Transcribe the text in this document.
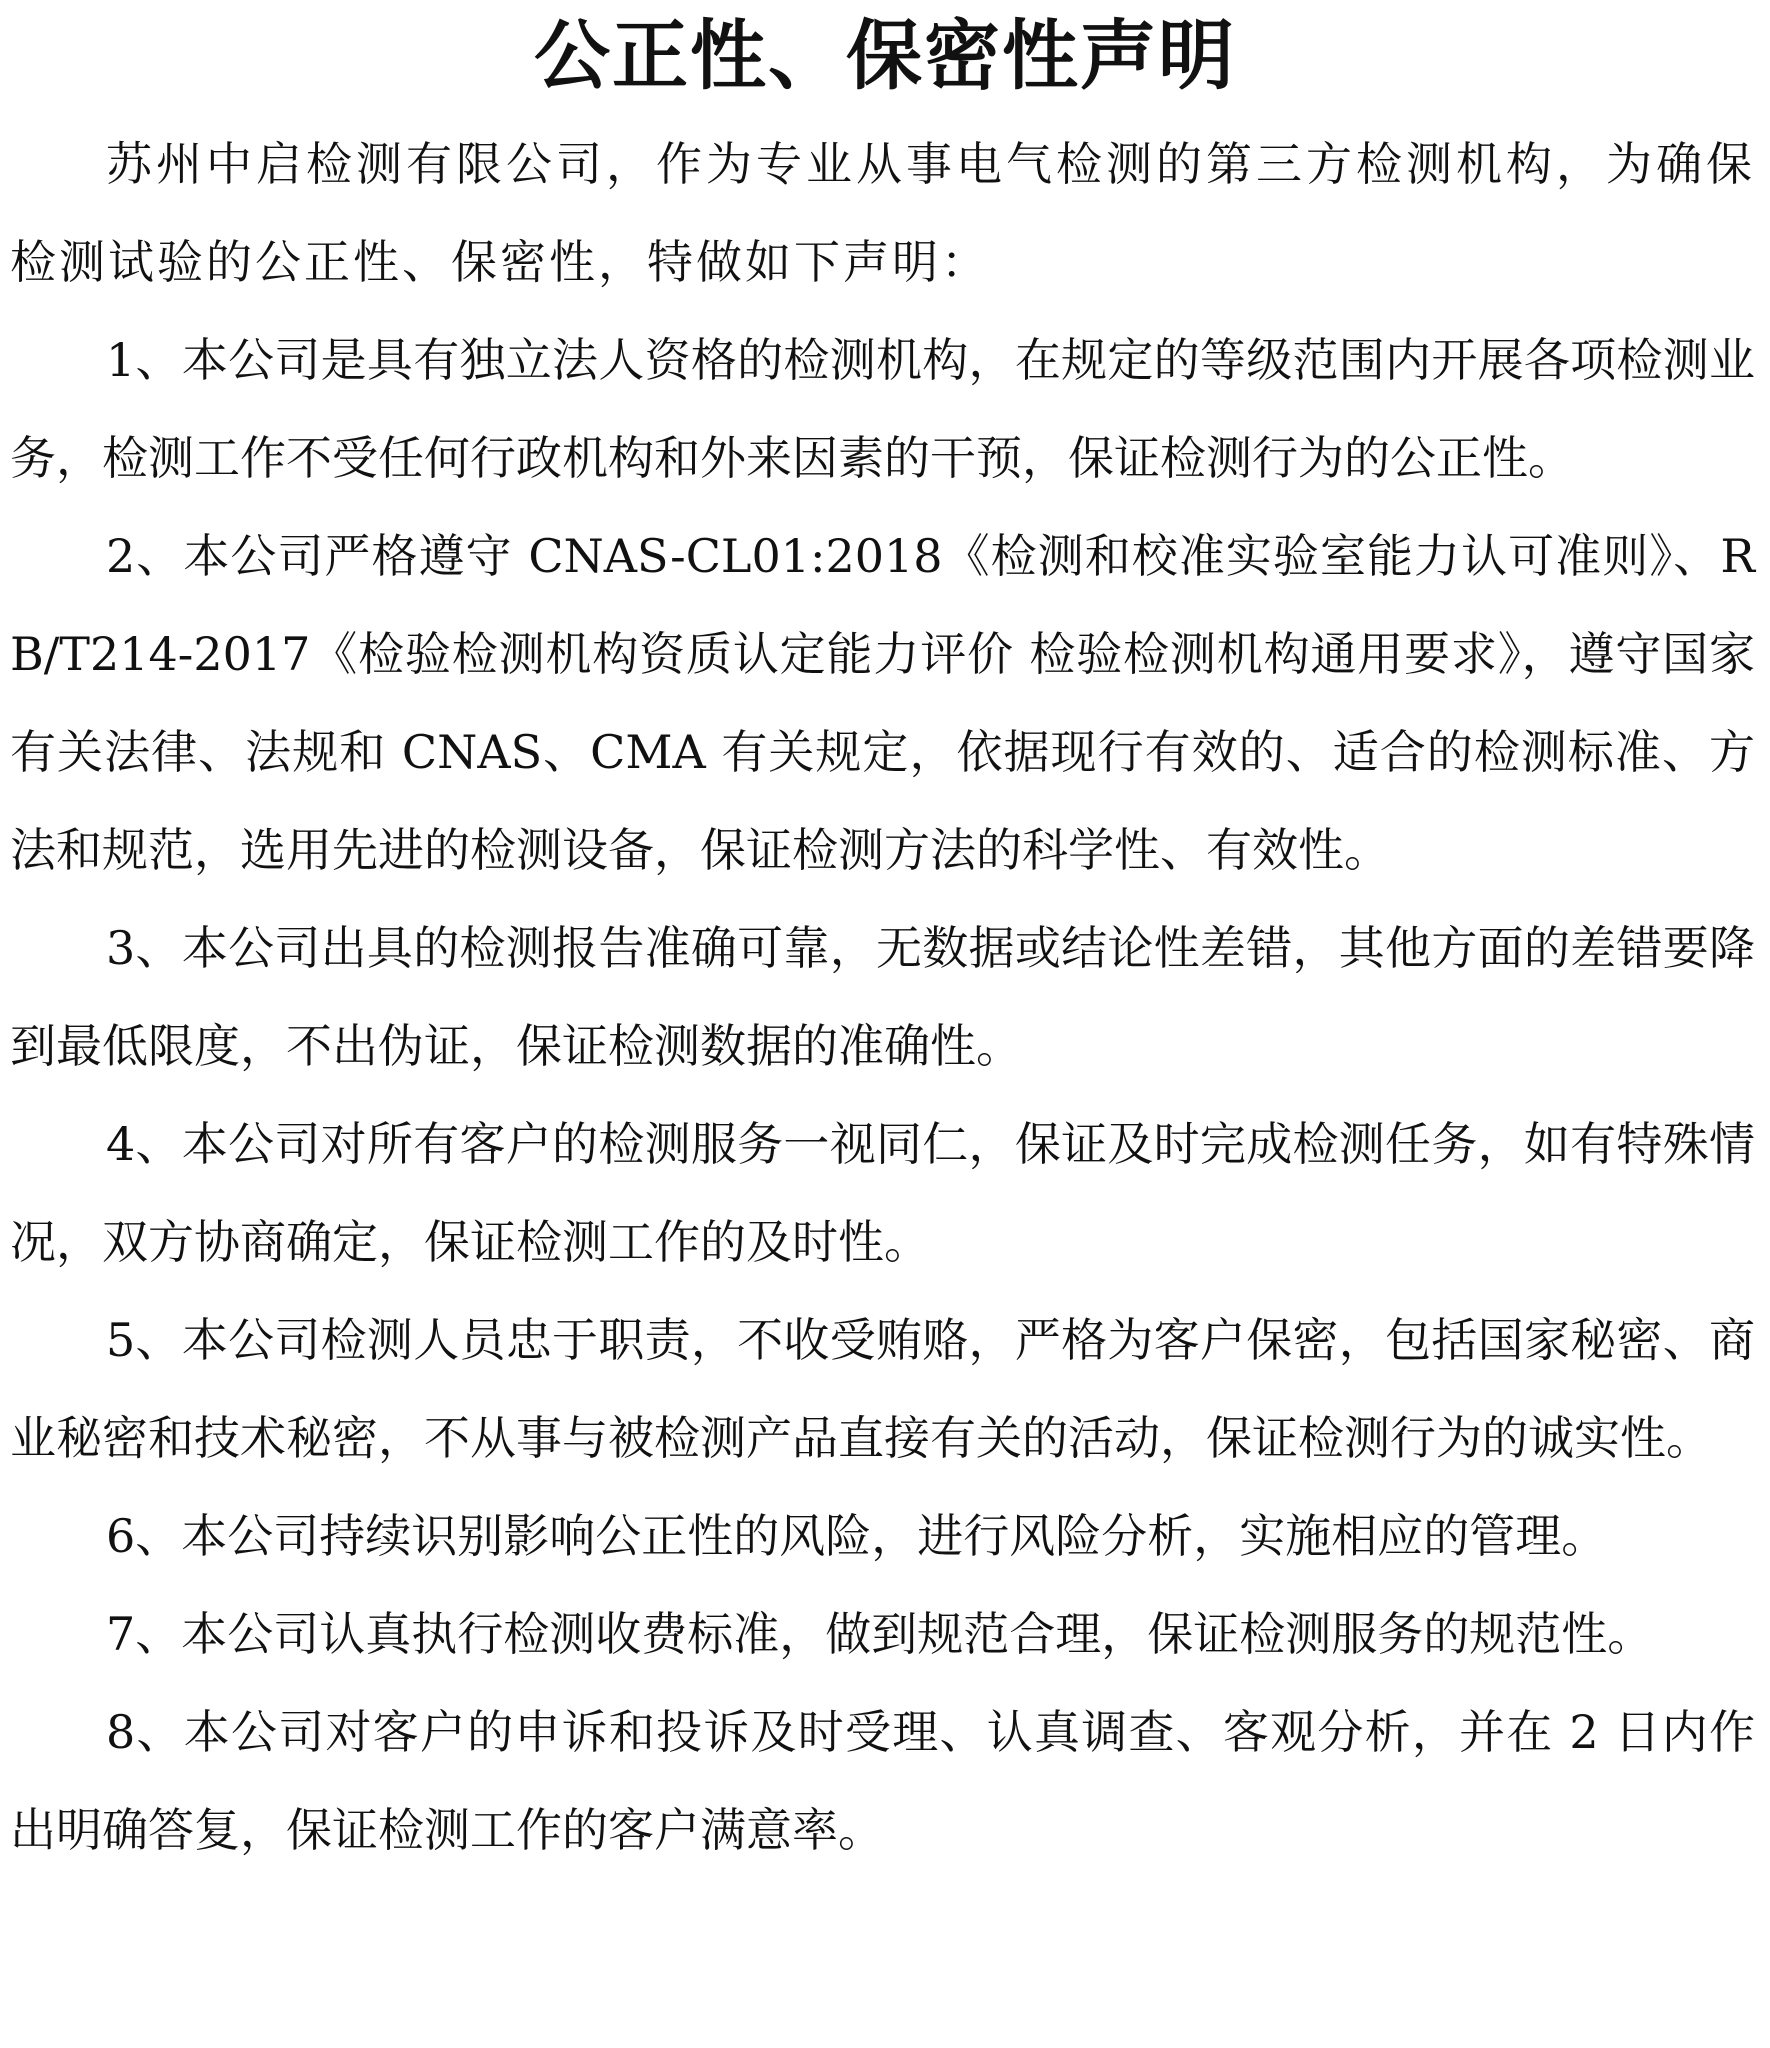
公正性、保密性声明

苏州中启检测有限公司，作为专业从事电气检测的第三方检测机构，为确保检测试验的公正性、保密性，特做如下声明：

1、本公司是具有独立法人资格的检测机构，在规定的等级范围内开展各项检测业务，检测工作不受任何行政机构和外来因素的干预，保证检测行为的公正性。

2、本公司严格遵守 CNAS-CL01:2018《检测和校准实验室能力认可准则》、RB/T214-2017《检验检测机构资质认定能力评价 检验检测机构通用要求》，遵守国家有关法律、法规和 CNAS、CMA 有关规定，依据现行有效的、适合的检测标准、方法和规范，选用先进的检测设备，保证检测方法的科学性、有效性。

3、本公司出具的检测报告准确可靠，无数据或结论性差错，其他方面的差错要降到最低限度，不出伪证，保证检测数据的准确性。

4、本公司对所有客户的检测服务一视同仁，保证及时完成检测任务，如有特殊情况，双方协商确定，保证检测工作的及时性。

5、本公司检测人员忠于职责，不收受贿赂，严格为客户保密，包括国家秘密、商业秘密和技术秘密，不从事与被检测产品直接有关的活动，保证检测行为的诚实性。

6、本公司持续识别影响公正性的风险，进行风险分析，实施相应的管理。

7、本公司认真执行检测收费标准，做到规范合理，保证检测服务的规范性。

8、本公司对客户的申诉和投诉及时受理、认真调查、客观分析，并在 2 日内作出明确答复，保证检测工作的客户满意率。
